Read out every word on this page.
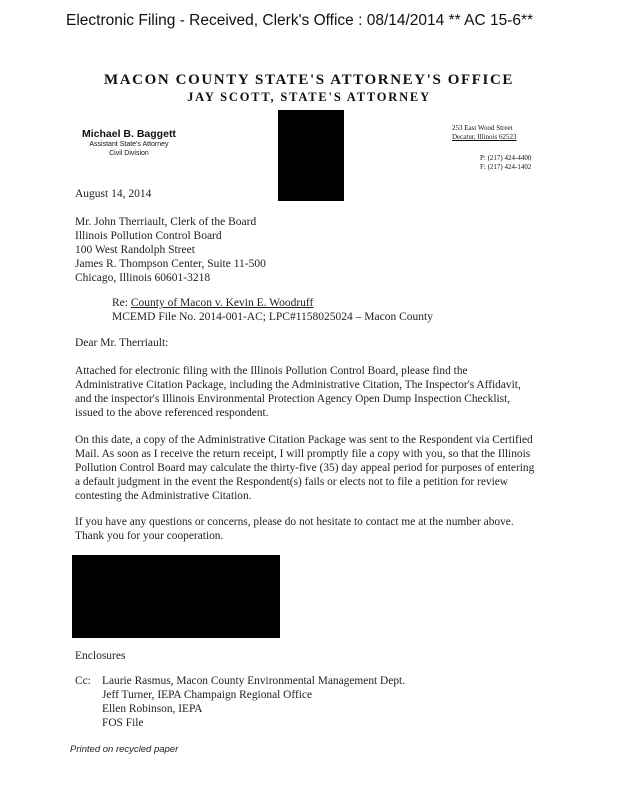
Electronic Filing - Received, Clerk's Office : 08/14/2014 ** AC 15-6**
MACON COUNTY STATE'S ATTORNEY'S OFFICE
JAY SCOTT, STATE'S ATTORNEY
Michael B. Baggett
Assistant State's Attorney
Civil Division
253 East Wood Street
Decatur, Illinois 62523
P: (217) 424-4400
F: (217) 424-1402
August 14, 2014
Mr. John Therriault, Clerk of the Board
Illinois Pollution Control Board
100 West Randolph Street
James R. Thompson Center, Suite 11-500
Chicago, Illinois 60601-3218
Re: County of Macon v. Kevin E. Woodruff
MCEMD File No. 2014-001-AC; LPC#1158025024 – Macon County
Dear Mr. Therriault:
Attached for electronic filing with the Illinois Pollution Control Board, please find the
Administrative Citation Package, including the Administrative Citation, The Inspector's Affidavit,
and the inspector's Illinois Environmental Protection Agency Open Dump Inspection Checklist,
issued to the above referenced respondent.
On this date, a copy of the Administrative Citation Package was sent to the Respondent via Certified
Mail. As soon as I receive the return receipt, I will promptly file a copy with you, so that the Illinois
Pollution Control Board may calculate the thirty-five (35) day appeal period for purposes of entering
a default judgment in the event the Respondent(s) fails or elects not to file a petition for review
contesting the Administrative Citation.
If you have any questions or concerns, please do not hesitate to contact me at the number above.
Thank you for your cooperation.
Enclosures
Cc: Laurie Rasmus, Macon County Environmental Management Dept.
Jeff Turner, IEPA Champaign Regional Office
Ellen Robinson, IEPA
FOS File
Printed on recycled paper
